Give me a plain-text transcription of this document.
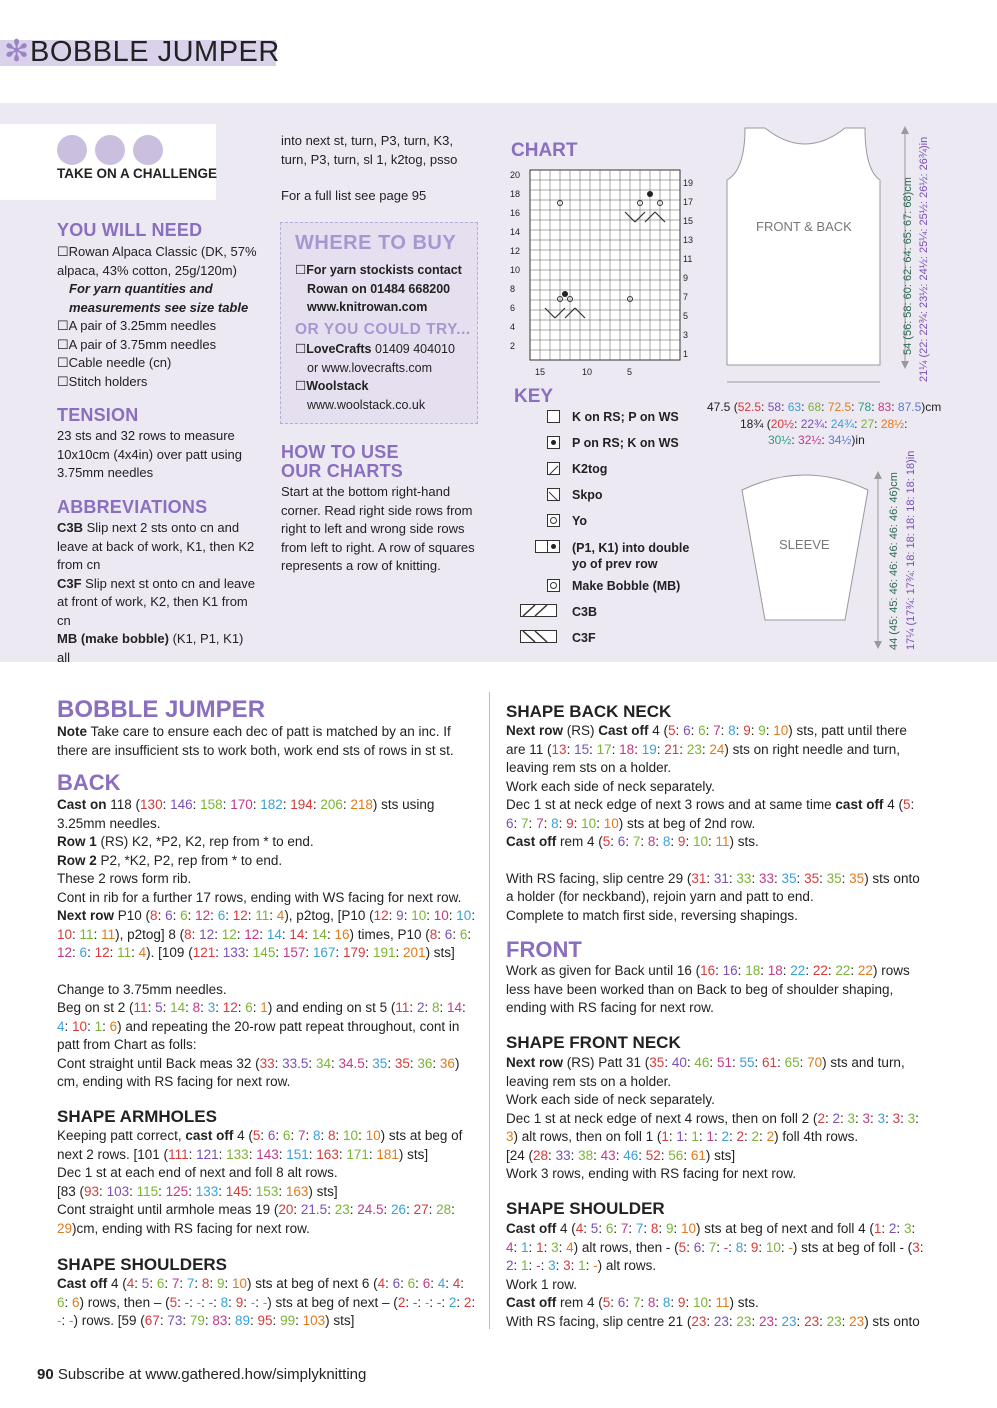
✻ BOBBLE JUMPER
TAKE ON A CHALLENGE
YOU WILL NEED
☐Rowan Alpaca Classic (DK, 57% alpaca, 43% cotton, 25g/120m)
For yarn quantities and measurements see size table
☐A pair of 3.25mm needles
☐A pair of 3.75mm needles
☐Cable needle (cn)
☐Stitch holders
TENSION
23 sts and 32 rows to measure 10x10cm (4x4in) over patt using 3.75mm needles
ABBREVIATIONS
C3B Slip next 2 sts onto cn and leave at back of work, K1, then K2 from cn
C3F Slip next st onto cn and leave at front of work, K2, then K1 from cn
MB (make bobble) (K1, P1, K1) all
into next st, turn, P3, turn, K3, turn, P3, turn, sl 1, k2tog, psso
For a full list see page 95
WHERE TO BUY
☐For yarn stockists contact
Rowan on 01484 668200
www.knitrowan.com
OR YOU COULD TRY...
☐LoveCrafts 01409 404010
or www.lovecrafts.com
☐Woolstack
www.woolstack.co.uk
HOW TO USE
OUR CHARTS
Start at the bottom right-hand corner. Read right side rows from right to left and wrong side rows from left to right. A row of squares represents a row of knitting.
CHART
20
18
16
14
12
10
8
6
4
2
19
17
15
13
11
9
7
5
3
1
15	10	5
KEY
K on RS; P on WS
P on RS; K on WS
K2tog
Skpo
Yo
(P1, K1) into double yo of prev row
Make Bobble (MB)
C3B
C3F
FRONT & BACK
47.5 (52.5: 58: 63: 68: 72.5: 78: 83: 87.5)cm
18¾ (20½: 22¾: 24¾: 27: 28½:
30½: 32½: 34½)in
54 (56: 58: 60: 62: 64: 65: 67: 68)cm 21¼ (22: 22¾: 23½: 24½: 25¼: 25½: 26½: 26¾)in
SLEEVE	44 (45: 45: 46: 46: 46: 46: 46: 46)cm 17¼ (17¾: 17¾: 18: 18: 18: 18: 18: 18)in
BOBBLE JUMPER
Note Take care to ensure each dec of patt is matched by an inc. If there are insufficient sts to work both, work end sts of rows in st st.
BACK
Cast on 118 (130: 146: 158: 170: 182: 194: 206: 218) sts using 3.25mm needles.
Row 1 (RS) K2, *P2, K2, rep from * to end.
Row 2 P2, *K2, P2, rep from * to end.
These 2 rows form rib.
Cont in rib for a further 17 rows, ending with WS facing for next row.
Next row P10 (8: 6: 6: 12: 6: 12: 11: 4), p2tog, [P10 (12: 9: 10: 10: 10: 10: 11: 11), p2tog] 8 (8: 12: 12: 12: 14: 14: 14: 16) times, P10 (8: 6: 6: 12: 6: 12: 11: 4). [109 (121: 133: 145: 157: 167: 179: 191: 201) sts]
Change to 3.75mm needles.
Beg on st 2 (11: 5: 14: 8: 3: 12: 6: 1) and ending on st 5 (11: 2: 8: 14: 4: 10: 1: 6) and repeating the 20-row patt repeat throughout, cont in patt from Chart as folls:
Cont straight until Back meas 32 (33: 33.5: 34: 34.5: 35: 35: 36: 36) cm, ending with RS facing for next row.
SHAPE ARMHOLES
Keeping patt correct, cast off 4 (5: 6: 6: 7: 8: 8: 10: 10) sts at beg of next 2 rows. [101 (111: 121: 133: 143: 151: 163: 171: 181) sts]
Dec 1 st at each end of next and foll 8 alt rows.
[83 (93: 103: 115: 125: 133: 145: 153: 163) sts]
Cont straight until armhole meas 19 (20: 21.5: 23: 24.5: 26: 27: 28: 29)cm, ending with RS facing for next row.
SHAPE SHOULDERS
Cast off 4 (4: 5: 6: 7: 7: 8: 9: 10) sts at beg of next 6 (4: 6: 6: 6: 4: 4: 6: 6) rows, then – (5: -: -: -: 8: 9: -: -) sts at beg of next – (2: -: -: -: 2: 2: -: -) rows. [59 (67: 73: 79: 83: 89: 95: 99: 103) sts]
SHAPE BACK NECK
Next row (RS) Cast off 4 (5: 6: 6: 7: 8: 9: 9: 10) sts, patt until there are 11 (13: 15: 17: 18: 19: 21: 23: 24) sts on right needle and turn, leaving rem sts on a holder.
Work each side of neck separately.
Dec 1 st at neck edge of next 3 rows and at same time cast off 4 (5: 6: 7: 7: 8: 9: 10: 10) sts at beg of 2nd row.
Cast off rem 4 (5: 6: 7: 8: 8: 9: 10: 11) sts.
With RS facing, slip centre 29 (31: 31: 33: 33: 35: 35: 35: 35) sts onto a holder (for neckband), rejoin yarn and patt to end.
Complete to match first side, reversing shapings.
FRONT
Work as given for Back until 16 (16: 16: 18: 18: 22: 22: 22: 22) rows less have been worked than on Back to beg of shoulder shaping, ending with RS facing for next row.
SHAPE FRONT NECK
Next row (RS) Patt 31 (35: 40: 46: 51: 55: 61: 65: 70) sts and turn, leaving rem sts on a holder.
Work each side of neck separately.
Dec 1 st at neck edge of next 4 rows, then on foll 2 (2: 2: 3: 3: 3: 3: 3: 3) alt rows, then on foll 1 (1: 1: 1: 1: 2: 2: 2: 2) foll 4th rows.
[24 (28: 33: 38: 43: 46: 52: 56: 61) sts]
Work 3 rows, ending with RS facing for next row.
SHAPE SHOULDER
Cast off 4 (4: 5: 6: 7: 7: 8: 9: 10) sts at beg of next and foll 4 (1: 2: 3: 4: 1: 1: 3: 4) alt rows, then - (5: 6: 7: -: 8: 9: 10: -) sts at beg of foll - (3: 2: 1: -: 3: 3: 1: -) alt rows.
Work 1 row.
Cast off rem 4 (5: 6: 7: 8: 8: 9: 10: 11) sts.
With RS facing, slip centre 21 (23: 23: 23: 23: 23: 23: 23: 23) sts onto
90 Subscribe at www.gathered.how/simplyknitting
